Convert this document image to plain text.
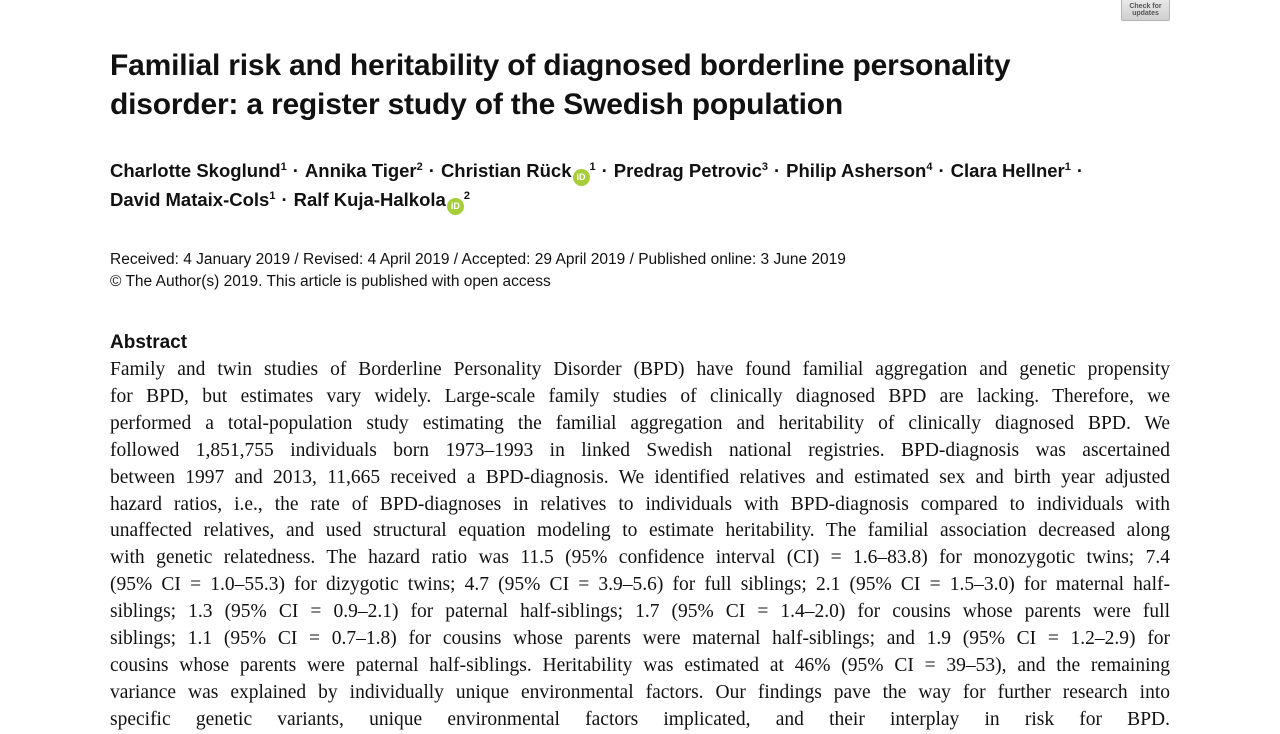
Check for
updates
Familial risk and heritability of diagnosed borderline personality
disorder: a register study of the Swedish population
Charlotte Skoglund$^1$ · Annika Tiger$^2$ · Christian Rück $iD^1$ · Predrag Petrovic$^3$ · Philip Asherson$^4$ · Clara Hellner$^1$ ·
David Mataix-Cols$^1$ · Ralf Kuja-Halkola $iD^2$
Received: 4 January 2019 / Revised: 4 April 2019 / Accepted: 29 April 2019 / Published online: 3 June 2019
© The Author(s) 2019. This article is published with open access
Abstract
Family and twin studies of Borderline Personality Disorder (BPD) have found familial aggregation and genetic propensity
for BPD, but estimates vary widely. Large-scale family studies of clinically diagnosed BPD are lacking. Therefore, we
performed a total-population study estimating the familial aggregation and heritability of clinically diagnosed BPD. We
followed 1,851,755 individuals born 1973–1993 in linked Swedish national registries. BPD-diagnosis was ascertained
between 1997 and 2013, 11,665 received a BPD-diagnosis. We identified relatives and estimated sex and birth year adjusted
hazard ratios, i.e., the rate of BPD-diagnoses in relatives to individuals with BPD-diagnosis compared to individuals with
unaffected relatives, and used structural equation modeling to estimate heritability. The familial association decreased along
with genetic relatedness. The hazard ratio was 11.5 (95% confidence interval (CI) = 1.6–83.8) for monozygotic twins; 7.4
(95% CI = 1.0–55.3) for dizygotic twins; 4.7 (95% CI = 3.9–5.6) for full siblings; 2.1 (95% CI = 1.5–3.0) for maternal half-
siblings; 1.3 (95% CI = 0.9–2.1) for paternal half-siblings; 1.7 (95% CI = 1.4–2.0) for cousins whose parents were full
siblings; 1.1 (95% CI = 0.7–1.8) for cousins whose parents were maternal half-siblings; and 1.9 (95% CI = 1.2–2.9) for
cousins whose parents were paternal half-siblings. Heritability was estimated at 46% (95% CI = 39–53), and the remaining
variance was explained by individually unique environmental factors. Our findings pave the way for further research into
specific genetic variants, unique environmental factors implicated, and their interplay in risk for BPD.
